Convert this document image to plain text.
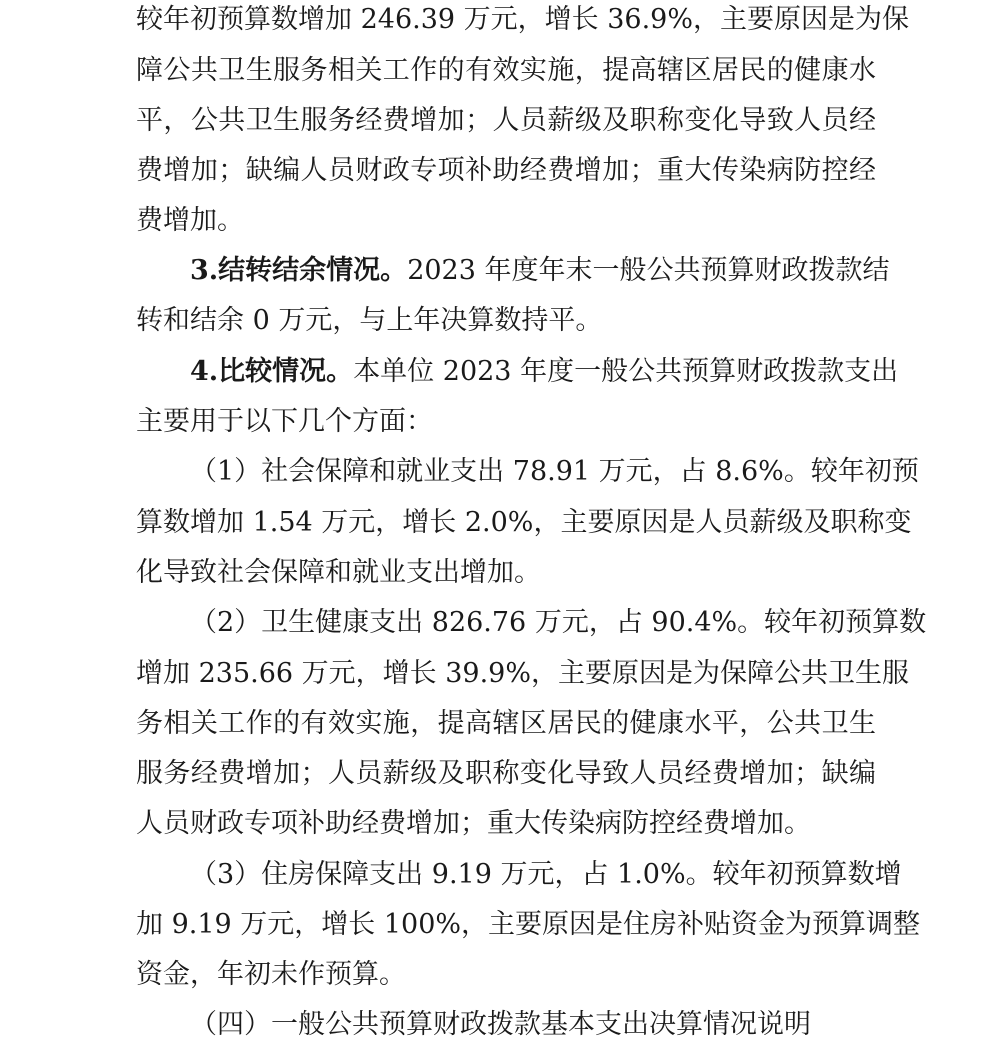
较年初预算数增加 246.39 万元，增长 36.9%，主要原因是为保
障公共卫生服务相关工作的有效实施，提高辖区居民的健康水
平，公共卫生服务经费增加；人员薪级及职称变化导致人员经
费增加；缺编人员财政专项补助经费增加；重大传染病防控经
费增加。
3.结转结余情况。2023 年度年末一般公共预算财政拨款结
转和结余 0 万元，与上年决算数持平。
4.比较情况。本单位 2023 年度一般公共预算财政拨款支出
主要用于以下几个方面：
（1）社会保障和就业支出 78.91 万元，占 8.6%。较年初预
算数增加 1.54 万元，增长 2.0%，主要原因是人员薪级及职称变
化导致社会保障和就业支出增加。
（2）卫生健康支出 826.76 万元，占 90.4%。较年初预算数
增加 235.66 万元，增长 39.9%，主要原因是为保障公共卫生服
务相关工作的有效实施，提高辖区居民的健康水平，公共卫生
服务经费增加；人员薪级及职称变化导致人员经费增加；缺编
人员财政专项补助经费增加；重大传染病防控经费增加。
（3）住房保障支出 9.19 万元，占 1.0%。较年初预算数增
加 9.19 万元，增长 100%，主要原因是住房补贴资金为预算调整
资金，年初未作预算。
（四）一般公共预算财政拨款基本支出决算情况说明
